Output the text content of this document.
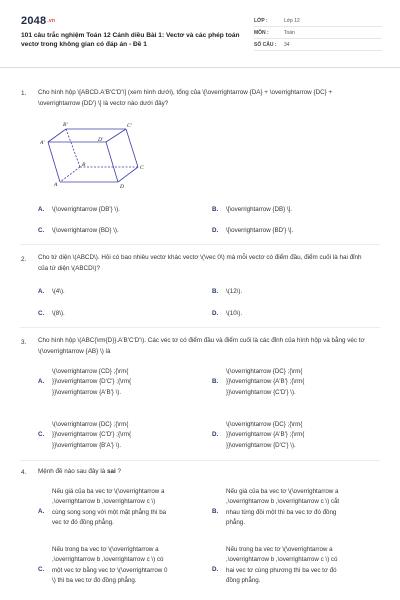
2048.vn
101 câu trắc nghiệm Toán 12 Cánh diều Bài 1: Vectơ và các phép toán vectơ trong không gian có đáp án - Đề 1
LỚP :	Lớp 12
MÔN :	Toán
SỐ CÂU :	34
1. Cho hình hộp \[ABCD.A'B'C'D'\] (xem hình dưới), tổng của \[\overrightarrow {DA} + \overrightarrow {DC} + \overrightarrow {DD'} \] là vectơ nào dưới đây?
B'	C'
A'	D'
B	C
A	D
A. \(\overrightarrow {DB'} \).	B. \[\overrightarrow {DB} \].
C. \(\overrightarrow {BD} \).	D. \[\overrightarrow {BD'} \].
2. Cho tứ diện \(ABCD\). Hỏi có bao nhiêu vectơ khác vectơ \(\vec 0\) mà mỗi vectơ có điểm đầu, điểm cuối là hai đỉnh của tứ diện \(ABCD\)?
A. \(4\).	B. \(12\).
C. \(8\).	D. \(10\).
3. Cho hình hộp \(ABC{\rm{D}}.A'B'C'D'\). Các véc tơ có điểm đầu và điểm cuối là các đỉnh của hình hộp và bằng véc tơ \(\overrightarrow {AB} \) là
A.
\(\overrightarrow {CD} ;{\rm{
}}\overrightarrow {D'C'} ;{\rm{
}}\overrightarrow {A'B'} \).
B.
\(\overrightarrow {DC} ;{\rm{
}}\overrightarrow {A'B'} ;{\rm{
}}\overrightarrow {C'D'} \).
C.
\(\overrightarrow {DC} ;{\rm{
}}\overrightarrow {C'D'} ;{\rm{
}}\overrightarrow {B'A'} \).
D.
\(\overrightarrow {DC} ;{\rm{
}}\overrightarrow {A'B'} ;{\rm{
}}\overrightarrow {D'C'} \).
4. Mệnh đề nào sau đây là sai ?
A.
Nếu giá của ba vec tơ \(\overrightarrow a
,\overrightarrow b ,\overrightarrow c \)
cùng song song với một mặt phẳng thì ba
vec tơ đó đồng phẳng.
B.
Nếu giá của ba vec tơ \(\overrightarrow a
,\overrightarrow b ,\overrightarrow c \) cắt
nhau từng đôi một thì ba vec tơ đó đồng
phẳng.
C.
Nếu trong ba vec tơ \(\overrightarrow a
,\overrightarrow b ,\overrightarrow c \) có
một vec tơ bằng vec tơ \(\overrightarrow 0
\) thì ba vec tơ đó đồng phẳng.
D.
Nếu trong ba vec tơ \(\overrightarrow a
,\overrightarrow b ,\overrightarrow c \) có
hai vec tơ cùng phương thì ba vec tơ đó
đồng phẳng.
